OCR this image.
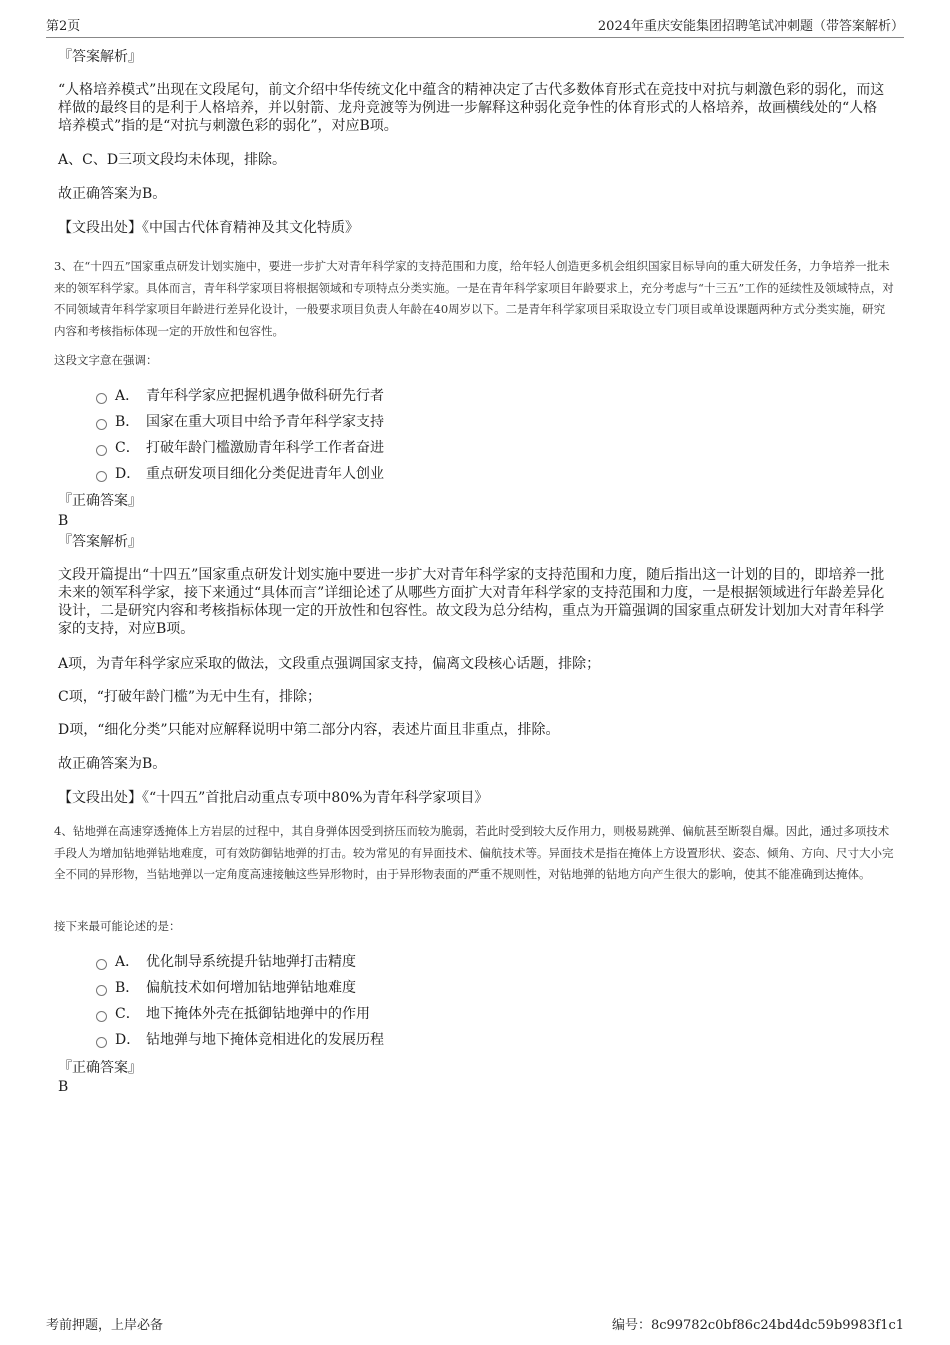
第2页	2024年重庆安能集团招聘笔试冲刺题（带答案解析）
『答案解析』
“人格培养模式”出现在文段尾句，前文介绍中华传统文化中蕴含的精神决定了古代多数体育形式在竞技中对抗与刺激色彩的弱化，而这样做的最终目的是利于人格培养，并以射箭、龙舟竞渡等为例进一步解释这种弱化竞争性的体育形式的人格培养，故画横线处的“人格培养模式”指的是“对抗与刺激色彩的弱化”，对应B项。
A、C、D三项文段均未体现，排除。
故正确答案为B。
【文段出处】《中国古代体育精神及其文化特质》
3、在“十四五”国家重点研发计划实施中，要进一步扩大对青年科学家的支持范围和力度，给年轻人创造更多机会组织国家目标导向的重大研发任务，力争培养一批未来的领军科学家。具体而言，青年科学家项目将根据领域和专项特点分类实施。一是在青年科学家项目年龄要求上，充分考虑与“十三五”工作的延续性及领域特点，对不同领域青年科学家项目年龄进行差异化设计，一般要求项目负责人年龄在40周岁以下。二是青年科学家项目采取设立专门项目或单设课题两种方式分类实施，研究内容和考核指标体现一定的开放性和包容性。
这段文字意在强调：
A． 青年科学家应把握机遇争做科研先行者
B． 国家在重大项目中给予青年科学家支持
C． 打破年龄门槛激励青年科学工作者奋进
D． 重点研发项目细化分类促进青年人创业
『正确答案』
B
『答案解析』
文段开篇提出“十四五”国家重点研发计划实施中要进一步扩大对青年科学家的支持范围和力度，随后指出这一计划的目的，即培养一批未来的领军科学家，接下来通过“具体而言”详细论述了从哪些方面扩大对青年科学家的支持范围和力度，一是根据领域进行年龄差异化设计，二是研究内容和考核指标体现一定的开放性和包容性。故文段为总分结构，重点为开篇强调的国家重点研发计划加大对青年科学家的支持，对应B项。
A项，为青年科学家应采取的做法，文段重点强调国家支持，偏离文段核心话题，排除；
C项，“打破年龄门槛”为无中生有，排除；
D项，“细化分类”只能对应解释说明中第二部分内容，表述片面且非重点，排除。
故正确答案为B。
【文段出处】《“十四五”首批启动重点专项中80%为青年科学家项目》
4、钻地弹在高速穿透掩体上方岩层的过程中，其自身弹体因受到挤压而较为脆弱，若此时受到较大反作用力，则极易跳弹、偏航甚至断裂自爆。因此，通过多项技术手段人为增加钻地弹钻地难度，可有效防御钻地弹的打击。较为常见的有异面技术、偏航技术等。异面技术是指在掩体上方设置形状、姿态、倾角、方向、尺寸大小完全不同的异形物，当钻地弹以一定角度高速接触这些异形物时，由于异形物表面的严重不规则性，对钻地弹的钻地方向产生很大的影响，使其不能准确到达掩体。
接下来最可能论述的是：
A． 优化制导系统提升钻地弹打击精度
B． 偏航技术如何增加钻地弹钻地难度
C． 地下掩体外壳在抵御钻地弹中的作用
D． 钻地弹与地下掩体竞相进化的发展历程
『正确答案』
B
考前押题，上岸必备	编号：8c99782c0bf86c24bd4dc59b9983f1c1
